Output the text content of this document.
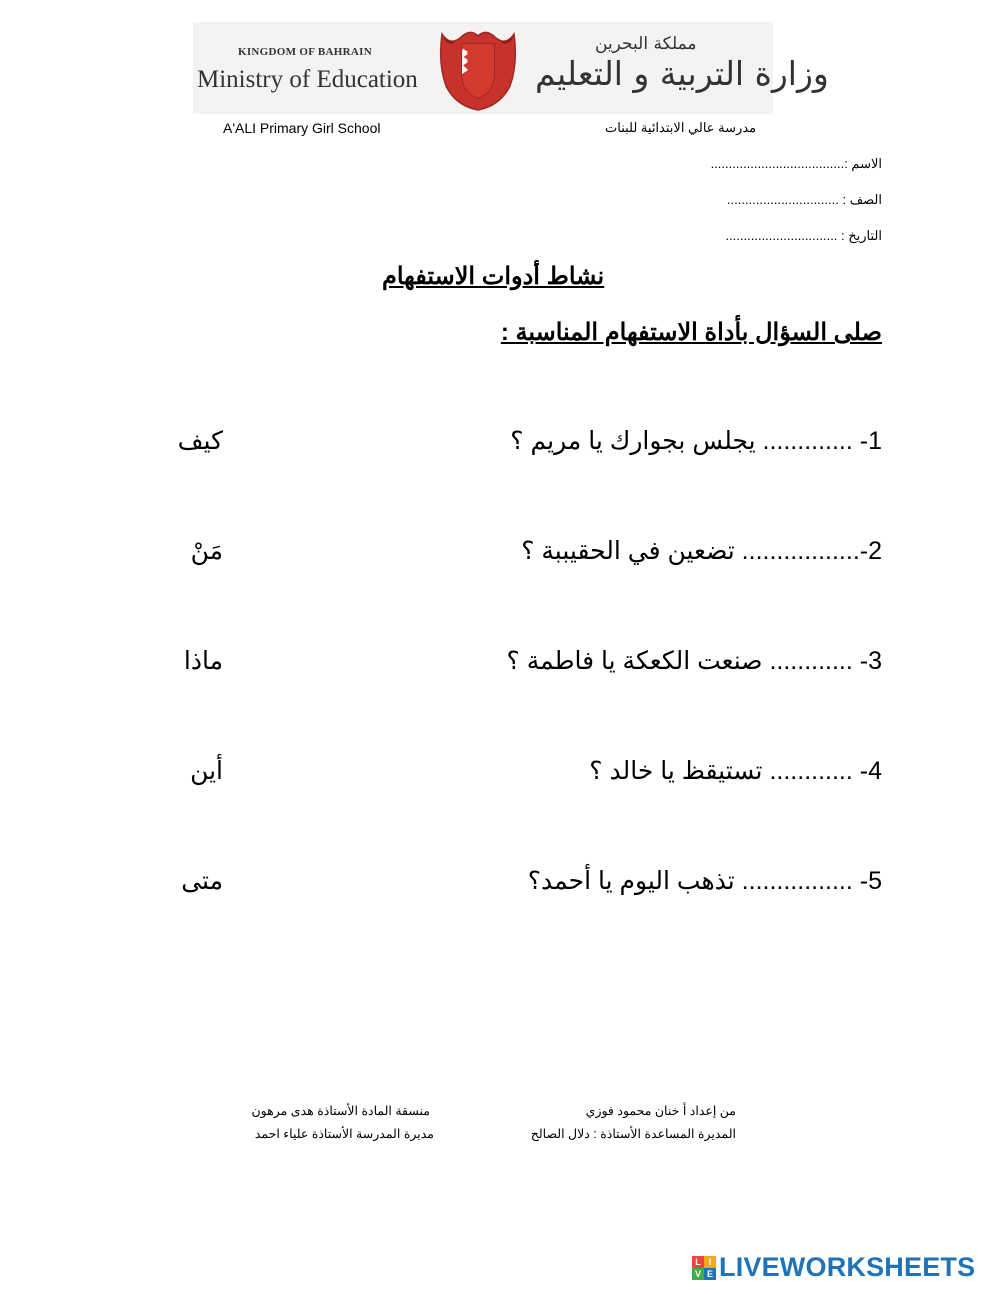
KINGDOM OF BAHRAIN
Ministry of Education
مملكة البحرين
وزارة التربية و التعليم
A'ALI Primary Girl School	مدرسة عالي الابتدائية للبنات
الاسم :.....................................
الصف : ...............................
التاريخ : ...............................
نشاط أدوات الاستفهام
صلى السؤال بأداة الاستفهام المناسبة :
1- ............. يجلس بجوارك يا مريم ؟
كيف
2-................. تضعين في الحقيببة ؟
مَنْ
3- ............ صنعت الكعكة يا فاطمة ؟
ماذا
4- ............ تستيقظ يا خالد ؟
أين
5- ................ تذهب اليوم يا أحمد؟
متى
من إعداد أ خنان محمود فوزي
المديرة المساعدة الأستاذة : دلال الصالح
منسقة المادة الأستاذة هدى مرهون
مديرة المدرسة الأستاذة علياء احمد
L I
V E LIVEWORKSHEETS
